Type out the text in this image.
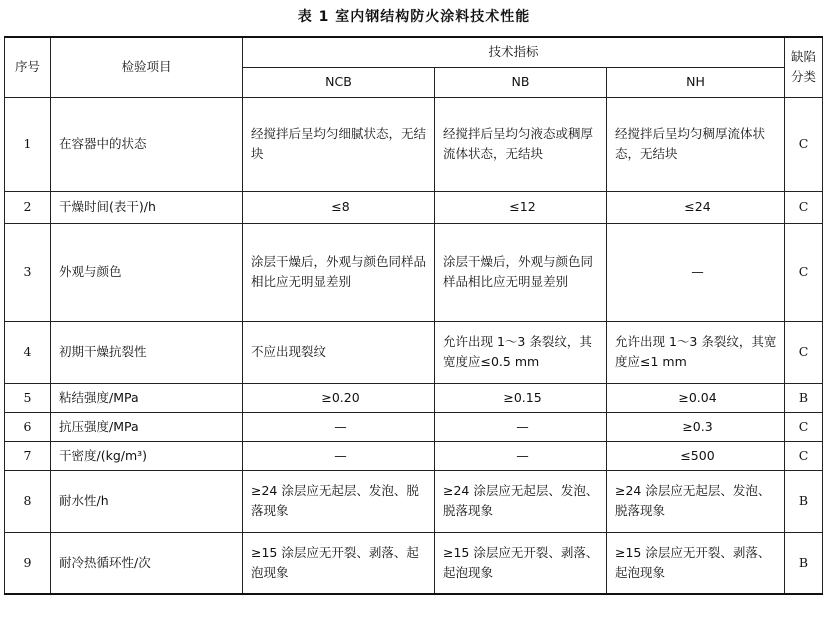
表 1 室内钢结构防火涂料技术性能
序号	检验项目	技术指标			缺陷分类
		NCB	NB	NH	
1	在容器中的状态	经搅拌后呈均匀细腻状态，无结块	经搅拌后呈均匀液态或稠厚流体状态，无结块	经搅拌后呈均匀稠厚流体状态，无结块	C
2	干燥时间(表干)/h	≤8	≤12	≤24	C
3	外观与颜色	涂层干燥后，外观与颜色同样品相比应无明显差别	涂层干燥后，外观与颜色同样品相比应无明显差别	—	C
4	初期干燥抗裂性	不应出现裂纹	允许出现 1～3 条裂纹，其宽度应≤0.5 mm	允许出现 1～3 条裂纹，其宽度应≤1 mm	C
5	粘结强度/MPa	≥0.20	≥0.15	≥0.04	B
6	抗压强度/MPa	—	—	≥0.3	C
7	干密度/(kg/m³)	—	—	≤500	C
8	耐水性/h	≥24 涂层应无起层、发泡、脱落现象	≥24 涂层应无起层、发泡、脱落现象	≥24 涂层应无起层、发泡、脱落现象	B
9	耐冷热循环性/次	≥15 涂层应无开裂、剥落、起泡现象	≥15 涂层应无开裂、剥落、起泡现象	≥15 涂层应无开裂、剥落、起泡现象	B
